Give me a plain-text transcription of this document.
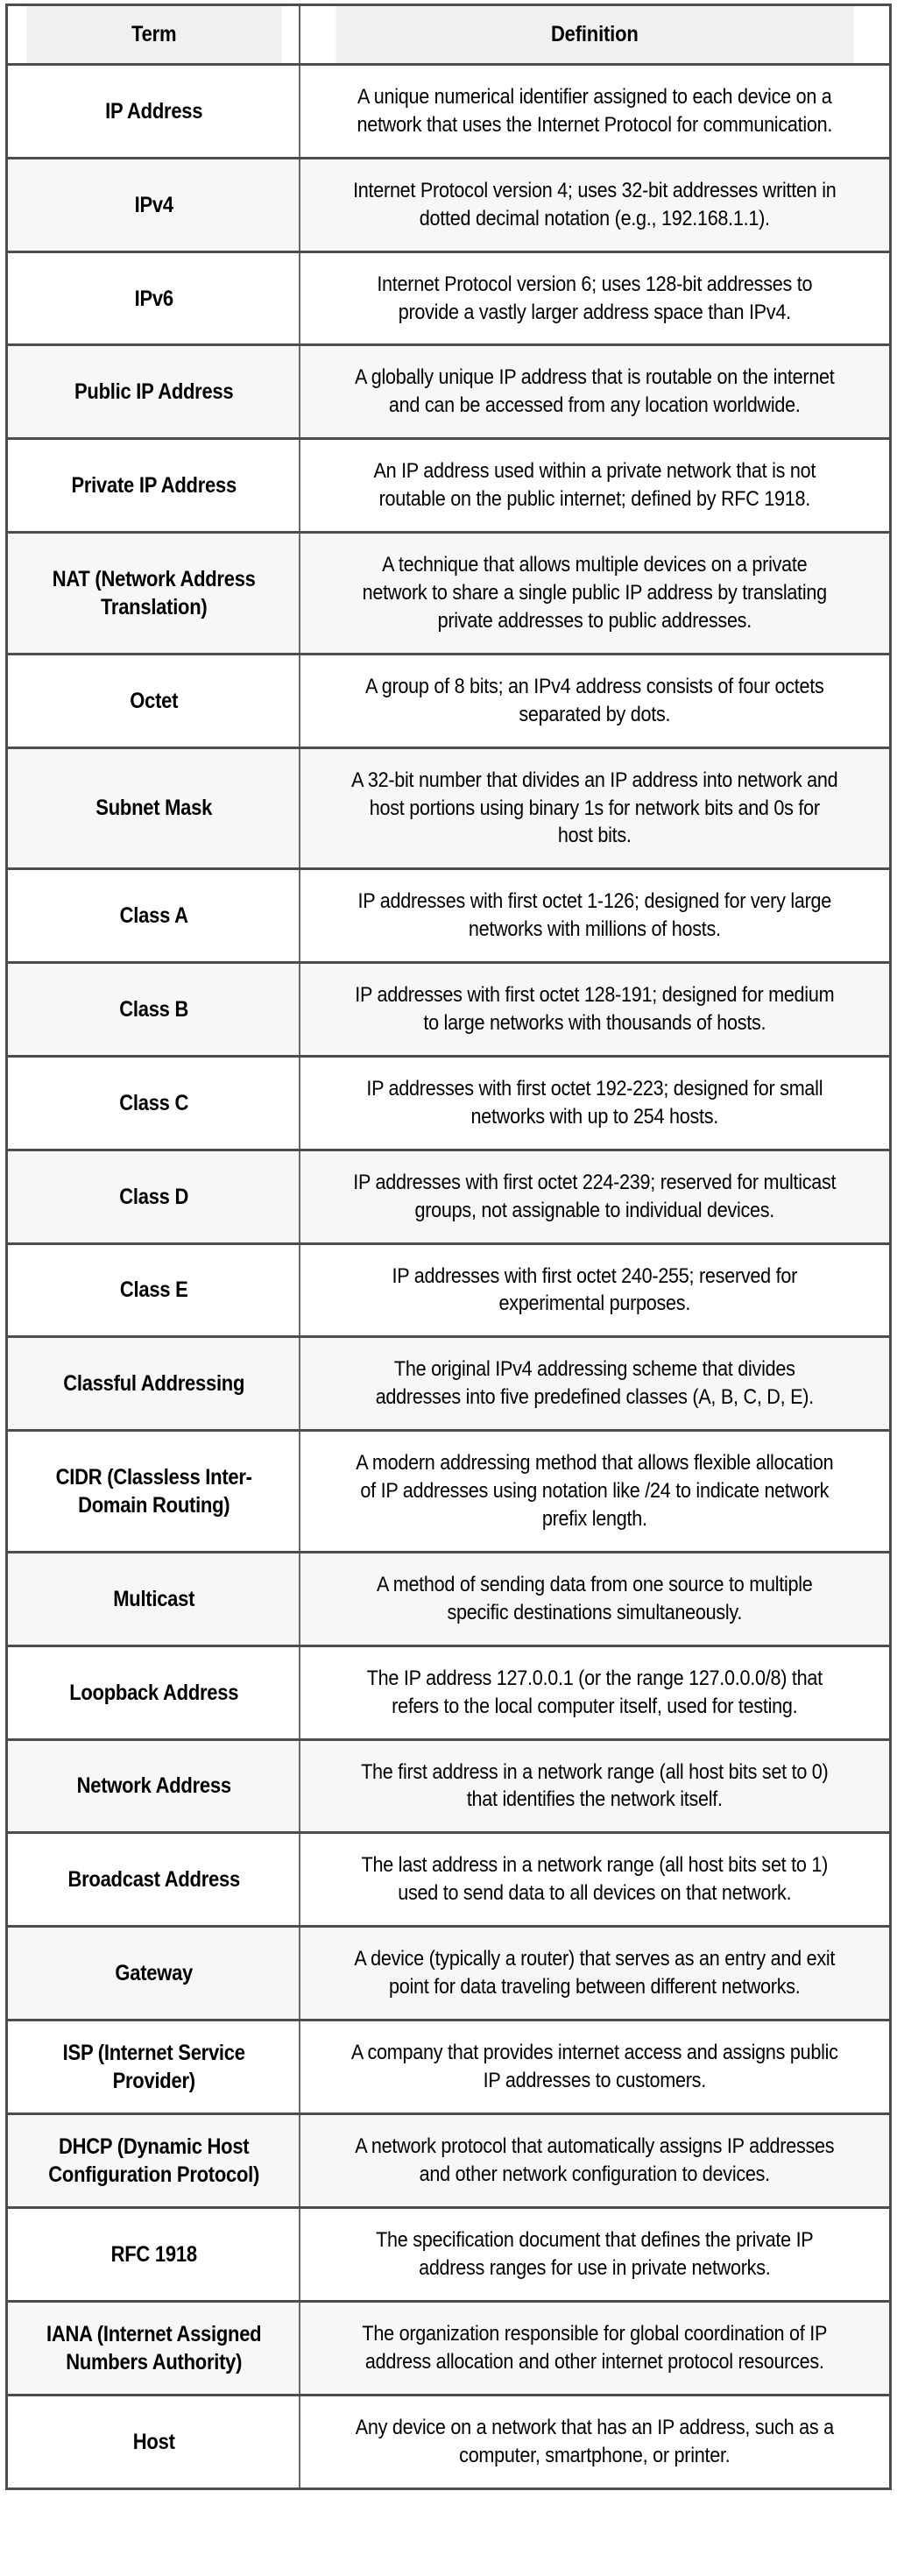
Term	Definition
IP Address	A unique numerical identifier assigned to each device on a network that uses the Internet Protocol for communication.
IPv4	Internet Protocol version 4; uses 32-bit addresses written in dotted decimal notation (e.g., 192.168.1.1).
IPv6	Internet Protocol version 6; uses 128-bit addresses to provide a vastly larger address space than IPv4.
Public IP Address	A globally unique IP address that is routable on the internet and can be accessed from any location worldwide.
Private IP Address	An IP address used within a private network that is not routable on the public internet; defined by RFC 1918.
NAT (Network Address Translation)	A technique that allows multiple devices on a private network to share a single public IP address by translating private addresses to public addresses.
Octet	A group of 8 bits; an IPv4 address consists of four octets separated by dots.
Subnet Mask	A 32-bit number that divides an IP address into network and host portions using binary 1s for network bits and 0s for host bits.
Class A	IP addresses with first octet 1-126; designed for very large networks with millions of hosts.
Class B	IP addresses with first octet 128-191; designed for medium to large networks with thousands of hosts.
Class C	IP addresses with first octet 192-223; designed for small networks with up to 254 hosts.
Class D	IP addresses with first octet 224-239; reserved for multicast groups, not assignable to individual devices.
Class E	IP addresses with first octet 240-255; reserved for experimental purposes.
Classful Addressing	The original IPv4 addressing scheme that divides addresses into five predefined classes (A, B, C, D, E).
CIDR (Classless Inter-Domain Routing)	A modern addressing method that allows flexible allocation of IP addresses using notation like /24 to indicate network prefix length.
Multicast	A method of sending data from one source to multiple specific destinations simultaneously.
Loopback Address	The IP address 127.0.0.1 (or the range 127.0.0.0/8) that refers to the local computer itself, used for testing.
Network Address	The first address in a network range (all host bits set to 0) that identifies the network itself.
Broadcast Address	The last address in a network range (all host bits set to 1) used to send data to all devices on that network.
Gateway	A device (typically a router) that serves as an entry and exit point for data traveling between different networks.
ISP (Internet Service Provider)	A company that provides internet access and assigns public IP addresses to customers.
DHCP (Dynamic Host Configuration Protocol)	A network protocol that automatically assigns IP addresses and other network configuration to devices.
RFC 1918	The specification document that defines the private IP address ranges for use in private networks.
IANA (Internet Assigned Numbers Authority)	The organization responsible for global coordination of IP address allocation and other internet protocol resources.
Host	Any device on a network that has an IP address, such as a computer, smartphone, or printer.
